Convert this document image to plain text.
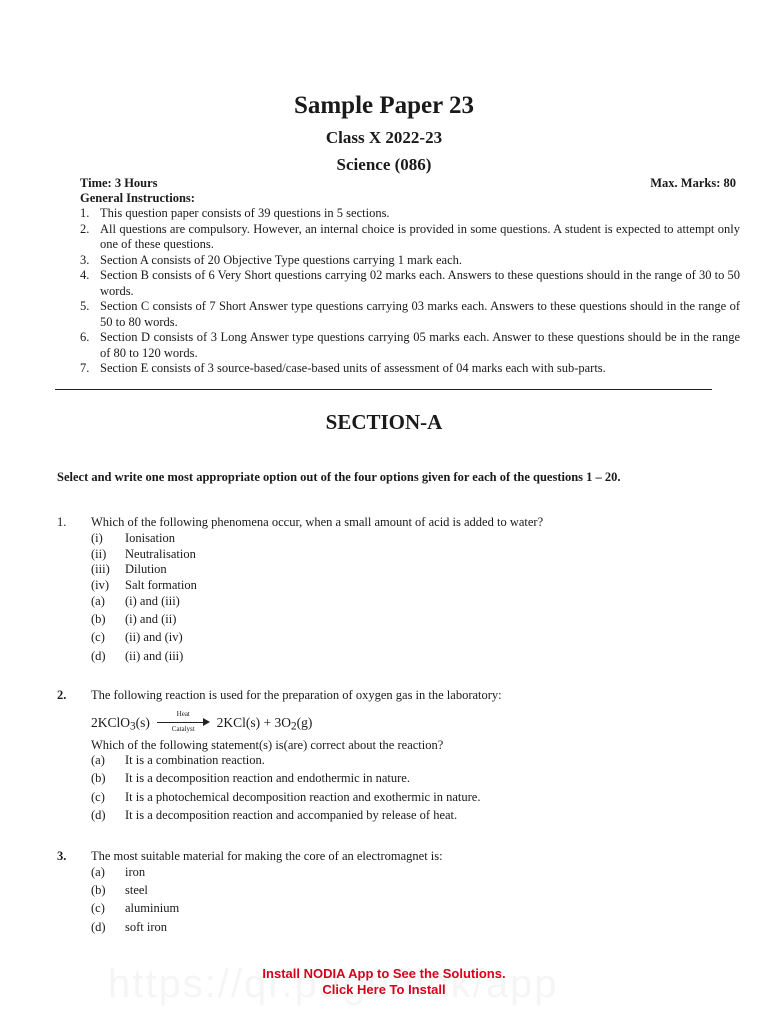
Sample Paper 23
Class X 2022-23
Science (086)
Time: 3 Hours	Max. Marks: 80
General Instructions:
1. This question paper consists of 39 questions in 5 sections.
2. All questions are compulsory. However, an internal choice is provided in some questions. A student is expected to attempt only one of these questions.
3. Section A consists of 20 Objective Type questions carrying 1 mark each.
4. Section B consists of 6 Very Short questions carrying 02 marks each. Answers to these questions should in the range of 30 to 50 words.
5. Section C consists of 7 Short Answer type questions carrying 03 marks each. Answers to these questions should in the range of 50 to 80 words.
6. Section D consists of 3 Long Answer type questions carrying 05 marks each. Answer to these questions should be in the range of 80 to 120 words.
7. Section E consists of 3 source-based/case-based units of assessment of 04 marks each with sub-parts.
SECTION-A
Select and write one most appropriate option out of the four options given for each of the questions 1 – 20.
1. Which of the following phenomena occur, when a small amount of acid is added to water?
(i) Ionisation
(ii) Neutralisation
(iii) Dilution
(iv) Salt formation
(a) (i) and (iii)
(b) (i) and (ii)
(c) (ii) and (iv)
(d) (ii) and (iii)
2. The following reaction is used for the preparation of oxygen gas in the laboratory:
2KClO$_3$(s)
Heat
Catalyst	$2KCl(s) + 3O_2(g)$
Which of the following statement(s) is(are) correct about the reaction?
(a) It is a combination reaction.
(b) It is a decomposition reaction and endothermic in nature.
(c) It is a photochemical decomposition reaction and exothermic in nature.
(d) It is a decomposition reaction and accompanied by release of heat.
3. The most suitable material for making the core of an electromagnet is:
(a) iron
(b) steel
(c) aluminium
(d) soft iron
Install NODIA App to See the Solutions.
Click Here To Install
